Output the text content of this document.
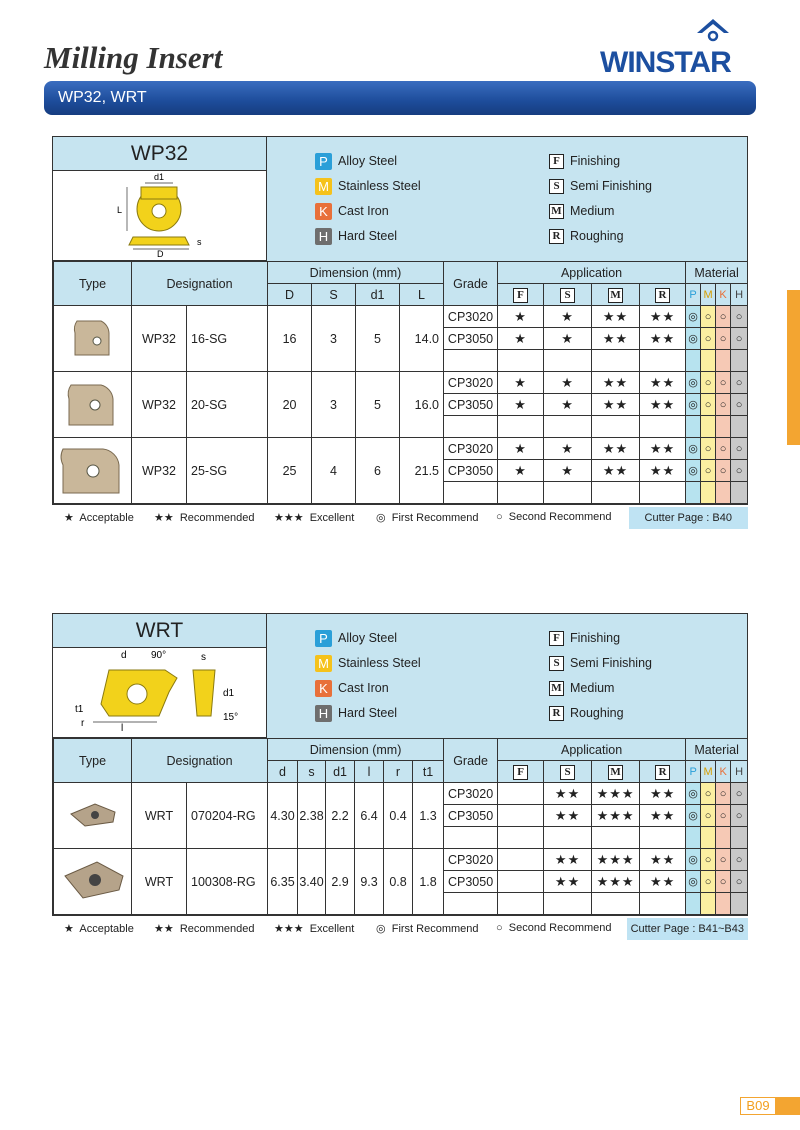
Milling Insert	WINSTAR
WP32, WRT
WP32
d1
L
D
s
P Alloy Steel
M Stainless Steel
K Cast Iron
H Hard Steel
F Finishing
S Semi Finishing
M Medium
R Roughing
Type	Designation		Dimension (mm)				Grade	Application				Material			
			D	S	d1	L		F	S	M	R	P	M	K	H
	WP32	16-SG	16	3	5	14.0	CP3020	★	★	★★	★★	◎	○	○	○
							CP3050	★	★	★★	★★	◎	○	○	○

	WP32	20-SG	20	3	5	16.0	CP3020	★	★	★★	★★	◎	○	○	○
							CP3050	★	★	★★	★★	◎	○	○	○

	WP32	25-SG	25	4	6	21.5	CP3020	★	★	★★	★★	◎	○	○	○
							CP3050	★	★	★★	★★	◎	○	○	○

★ Acceptable ★★ Recommended ★★★ Excellent ◎ First Recommend ○ Second Recommend	Cutter Page : B40
WRT
d 90°	s
l
t1
r
d1
15°
P Alloy Steel
M Stainless Steel
K Cast Iron
H Hard Steel
F Finishing
S Semi Finishing
M Medium
R Roughing
Type	Designation		Dimension (mm)						Grade	Application				Material			
			d	s	d1	l	r	t1		F	S	M	R	P	M	K	H
	WRT	070204-RG	4.30	2.38	2.2	6.4	0.4	1.3	CP3020		★★	★★★	★★	◎	○	○	○
									CP3050		★★	★★★	★★	◎	○	○	○

	WRT	100308-RG	6.35	3.40	2.9	9.3	0.8	1.8	CP3020		★★	★★★	★★	◎	○	○	○
									CP3050		★★	★★★	★★	◎	○	○	○

★ Acceptable ★★ Recommended ★★★ Excellent ◎ First Recommend ○ Second Recommend	Cutter Page : B41~B43
B09
